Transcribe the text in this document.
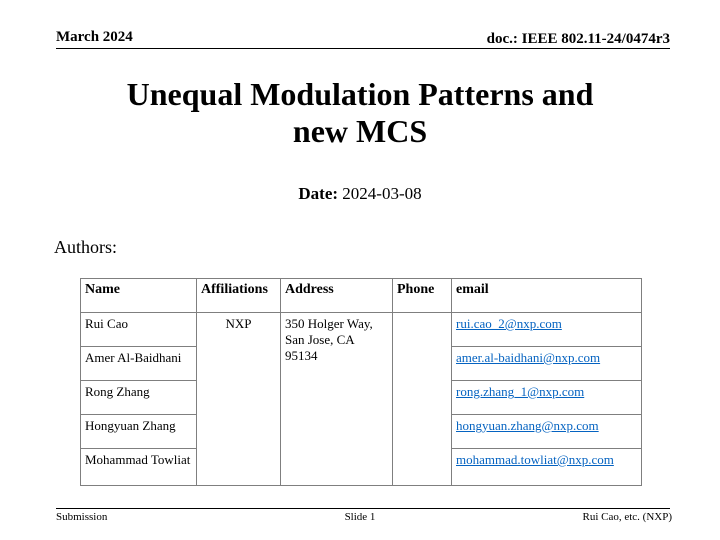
March 2024	doc.: IEEE 802.11-24/0474r3
Unequal Modulation Patterns and
new MCS
Date: 2024-03-08
Authors:
Name	Affiliations	Address	Phone	email
Rui Cao	NXP	350 Holger Way,
San Jose, CA
95134		rui.cao_2@nxp.com
Amer Al-Baidhani				amer.al-baidhani@nxp.com
Rong Zhang				rong.zhang_1@nxp.com
Hongyuan Zhang				hongyuan.zhang@nxp.com
Mohammad Towliat				mohammad.towliat@nxp.com
Submission	Slide 1	Rui Cao, etc. (NXP)
